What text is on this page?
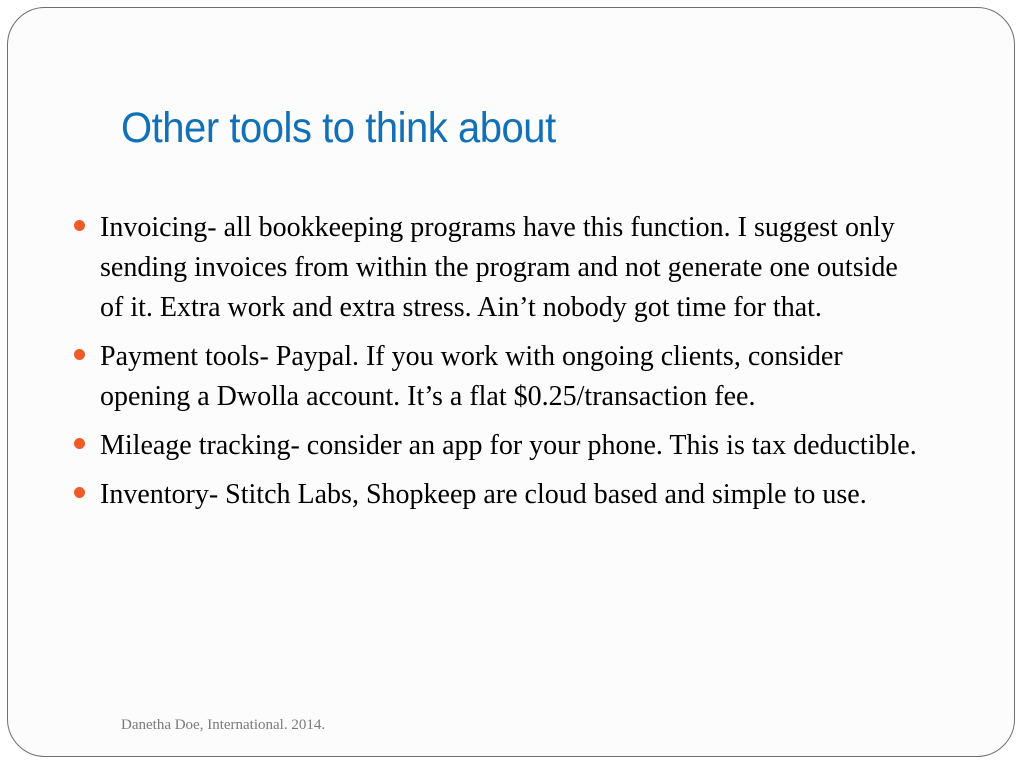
Other tools to think about
Invoicing- all bookkeeping programs have this function. I suggest only sending invoices from within the program and not generate one outside of it. Extra work and extra stress. Ain’t nobody got time for that.
Payment tools- Paypal. If you work with ongoing clients, consider opening a Dwolla account. It’s a flat $0.25/transaction fee.
Mileage tracking- consider an app for your phone. This is tax deductible.
Inventory- Stitch Labs, Shopkeep are cloud based and simple to use.
Danetha Doe, International. 2014.
